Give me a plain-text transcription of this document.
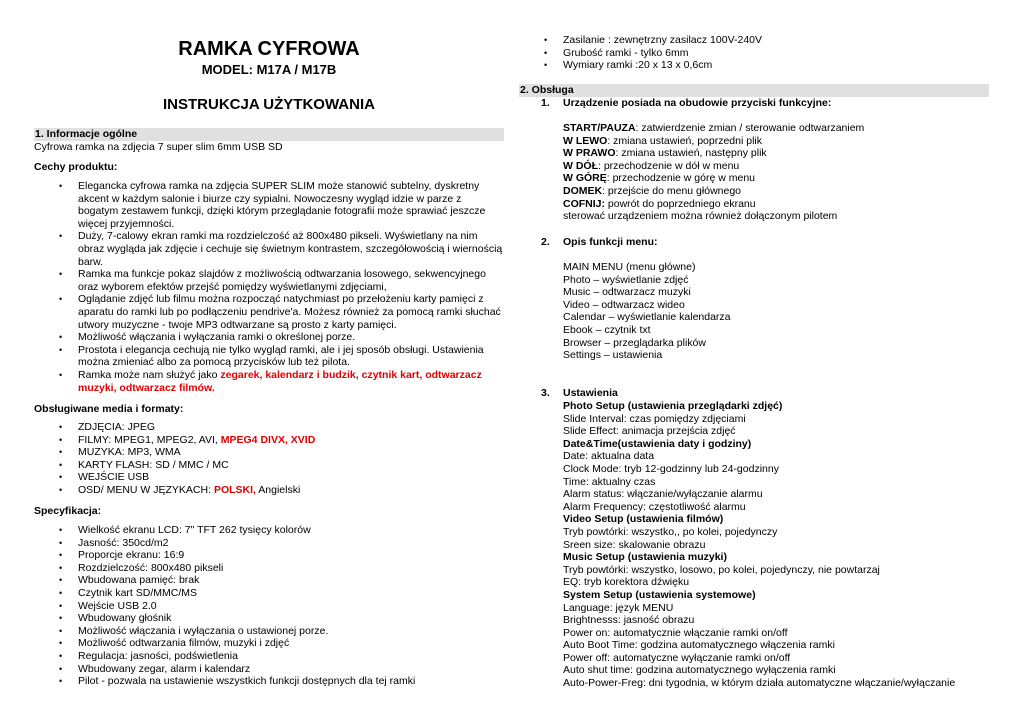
RAMKA CYFROWA
MODEL: M17A / M17B
INSTRUKCJA UŻYTKOWANIA
1. Informacje ogólne
Cyfrowa ramka na zdjęcia 7 super slim 6mm USB SD
Cechy produktu:
• Elegancka cyfrowa ramka na zdjęcia SUPER SLIM może stanowić subtelny, dyskretny akcent w każdym salonie i biurze czy sypialni. Nowoczesny wygląd idzie w parze z bogatym zestawem funkcji, dzięki którym przeglądanie fotografii może sprawiać jeszcze więcej przyjemności.
• Duży, 7-calowy ekran ramki ma rozdzielczość aż 800x480 pikseli. Wyświetlany na nim obraz wygląda jak zdjęcie i cechuje się świetnym kontrastem, szczegółowością i wiernością barw.
• Ramka ma funkcje pokaz slajdów z możliwością odtwarzania losowego, sekwencyjnego oraz wyborem efektów przejść pomiędzy wyświetlanymi zdjęciami,
• Oglądanie zdjęć lub filmu można rozpocząć natychmiast po przełożeniu karty pamięci z aparatu do ramki lub po podłączeniu pendrive'a. Możesz również za pomocą ramki słuchać utwory muzyczne - twoje MP3 odtwarzane są prosto z karty pamięci.
• Możliwość włączania i wyłączania ramki o określonej porze.
• Prostota i elegancja cechują nie tylko wygląd ramki, ale i jej sposób obsługi. Ustawienia można zmieniać albo za pomocą przycisków lub też pilota.
• Ramka może nam służyć jako zegarek, kalendarz i budzik, czytnik kart, odtwarzacz muzyki, odtwarzacz filmów.
Obsługiwane media i formaty:
• ZDJĘCIA: JPEG
• FILMY: MPEG1, MPEG2, AVI, MPEG4 DIVX, XVID
• MUZYKA: MP3, WMA
• KARTY FLASH: SD / MMC / MC
• WEJŚCIE USB
• OSD/ MENU W JĘZYKACH: POLSKI, Angielski
Specyfikacja:
• Wielkość ekranu LCD: 7" TFT 262 tysięcy kolorów
• Jasność: 350cd/m2
• Proporcje ekranu: 16:9
• Rozdzielczość: 800x480 pikseli
• Wbudowana pamięć: brak
• Czytnik kart SD/MMC/MS
• Wejście USB 2.0
• Wbudowany głośnik
• Możliwość włączania i wyłączania o ustawionej porze.
• Możliwość odtwarzania filmów, muzyki i zdjęć
• Regulacja: jasności, podświetlenia
• Wbudowany zegar, alarm i kalendarz
• Pilot - pozwala na ustawienie wszystkich funkcji dostępnych dla tej ramki
• Zasilanie : zewnętrzny zasilacz 100V-240V
• Grubość ramki - tylko 6mm
• Wymiary ramki :20 x 13 x 0,6cm
2. Obsługa
1. Urządzenie posiada na obudowie przyciski funkcyjne:
START/PAUZA: zatwierdzenie zmian / sterowanie odtwarzaniem
W LEWO: zmiana ustawień, poprzedni plik
W PRAWO: zmiana ustawień, następny plik
W DÓŁ: przechodzenie w dół w menu
W GÓRĘ: przechodzenie w górę w menu
DOMEK: przejście do menu głównego
COFNIJ: powrót do poprzedniego ekranu
sterować urządzeniem można również dołączonym pilotem
2. Opis funkcji menu:
MAIN MENU (menu główne)
Photo – wyświetlanie zdjęć
Music – odtwarzacz muzyki
Video – odtwarzacz wideo
Calendar – wyświetlanie kalendarza
Ebook – czytnik txt
Browser – przeglądarka plików
Settings – ustawienia
3. Ustawienia
Photo Setup (ustawienia przeglądarki zdjęć)
Slide Interval: czas pomiędzy zdjęciami
Slide Effect: animacja przejścia zdjęć
Date&Time(ustawienia daty i godziny)
Date: aktualna data
Clock Mode: tryb 12-godzinny lub 24-godzinny
Time: aktualny czas
Alarm status: włączanie/wyłączanie alarmu
Alarm Frequency: częstotliwość alarmu
Video Setup (ustawienia filmów)
Tryb powtórki: wszystko,, po kolei, pojedynczy
Sreen size: skalowanie obrazu
Music Setup (ustawienia muzyki)
Tryb powtórki: wszystko, losowo, po kolei, pojedynczy, nie powtarzaj
EQ: tryb korektora dźwięku
System Setup (ustawienia systemowe)
Language: język MENU
Brightnesss: jasność obrazu
Power on: automatycznie włączanie ramki on/off
Auto Boot Time: godzina automatycznego włączenia ramki
Power off: automatyczne wyłączanie ramki on/off
Auto shut time: godzina automatycznego wyłączenia ramki
Auto-Power-Freg: dni tygodnia, w którym działa automatyczne włączanie/wyłączanie
